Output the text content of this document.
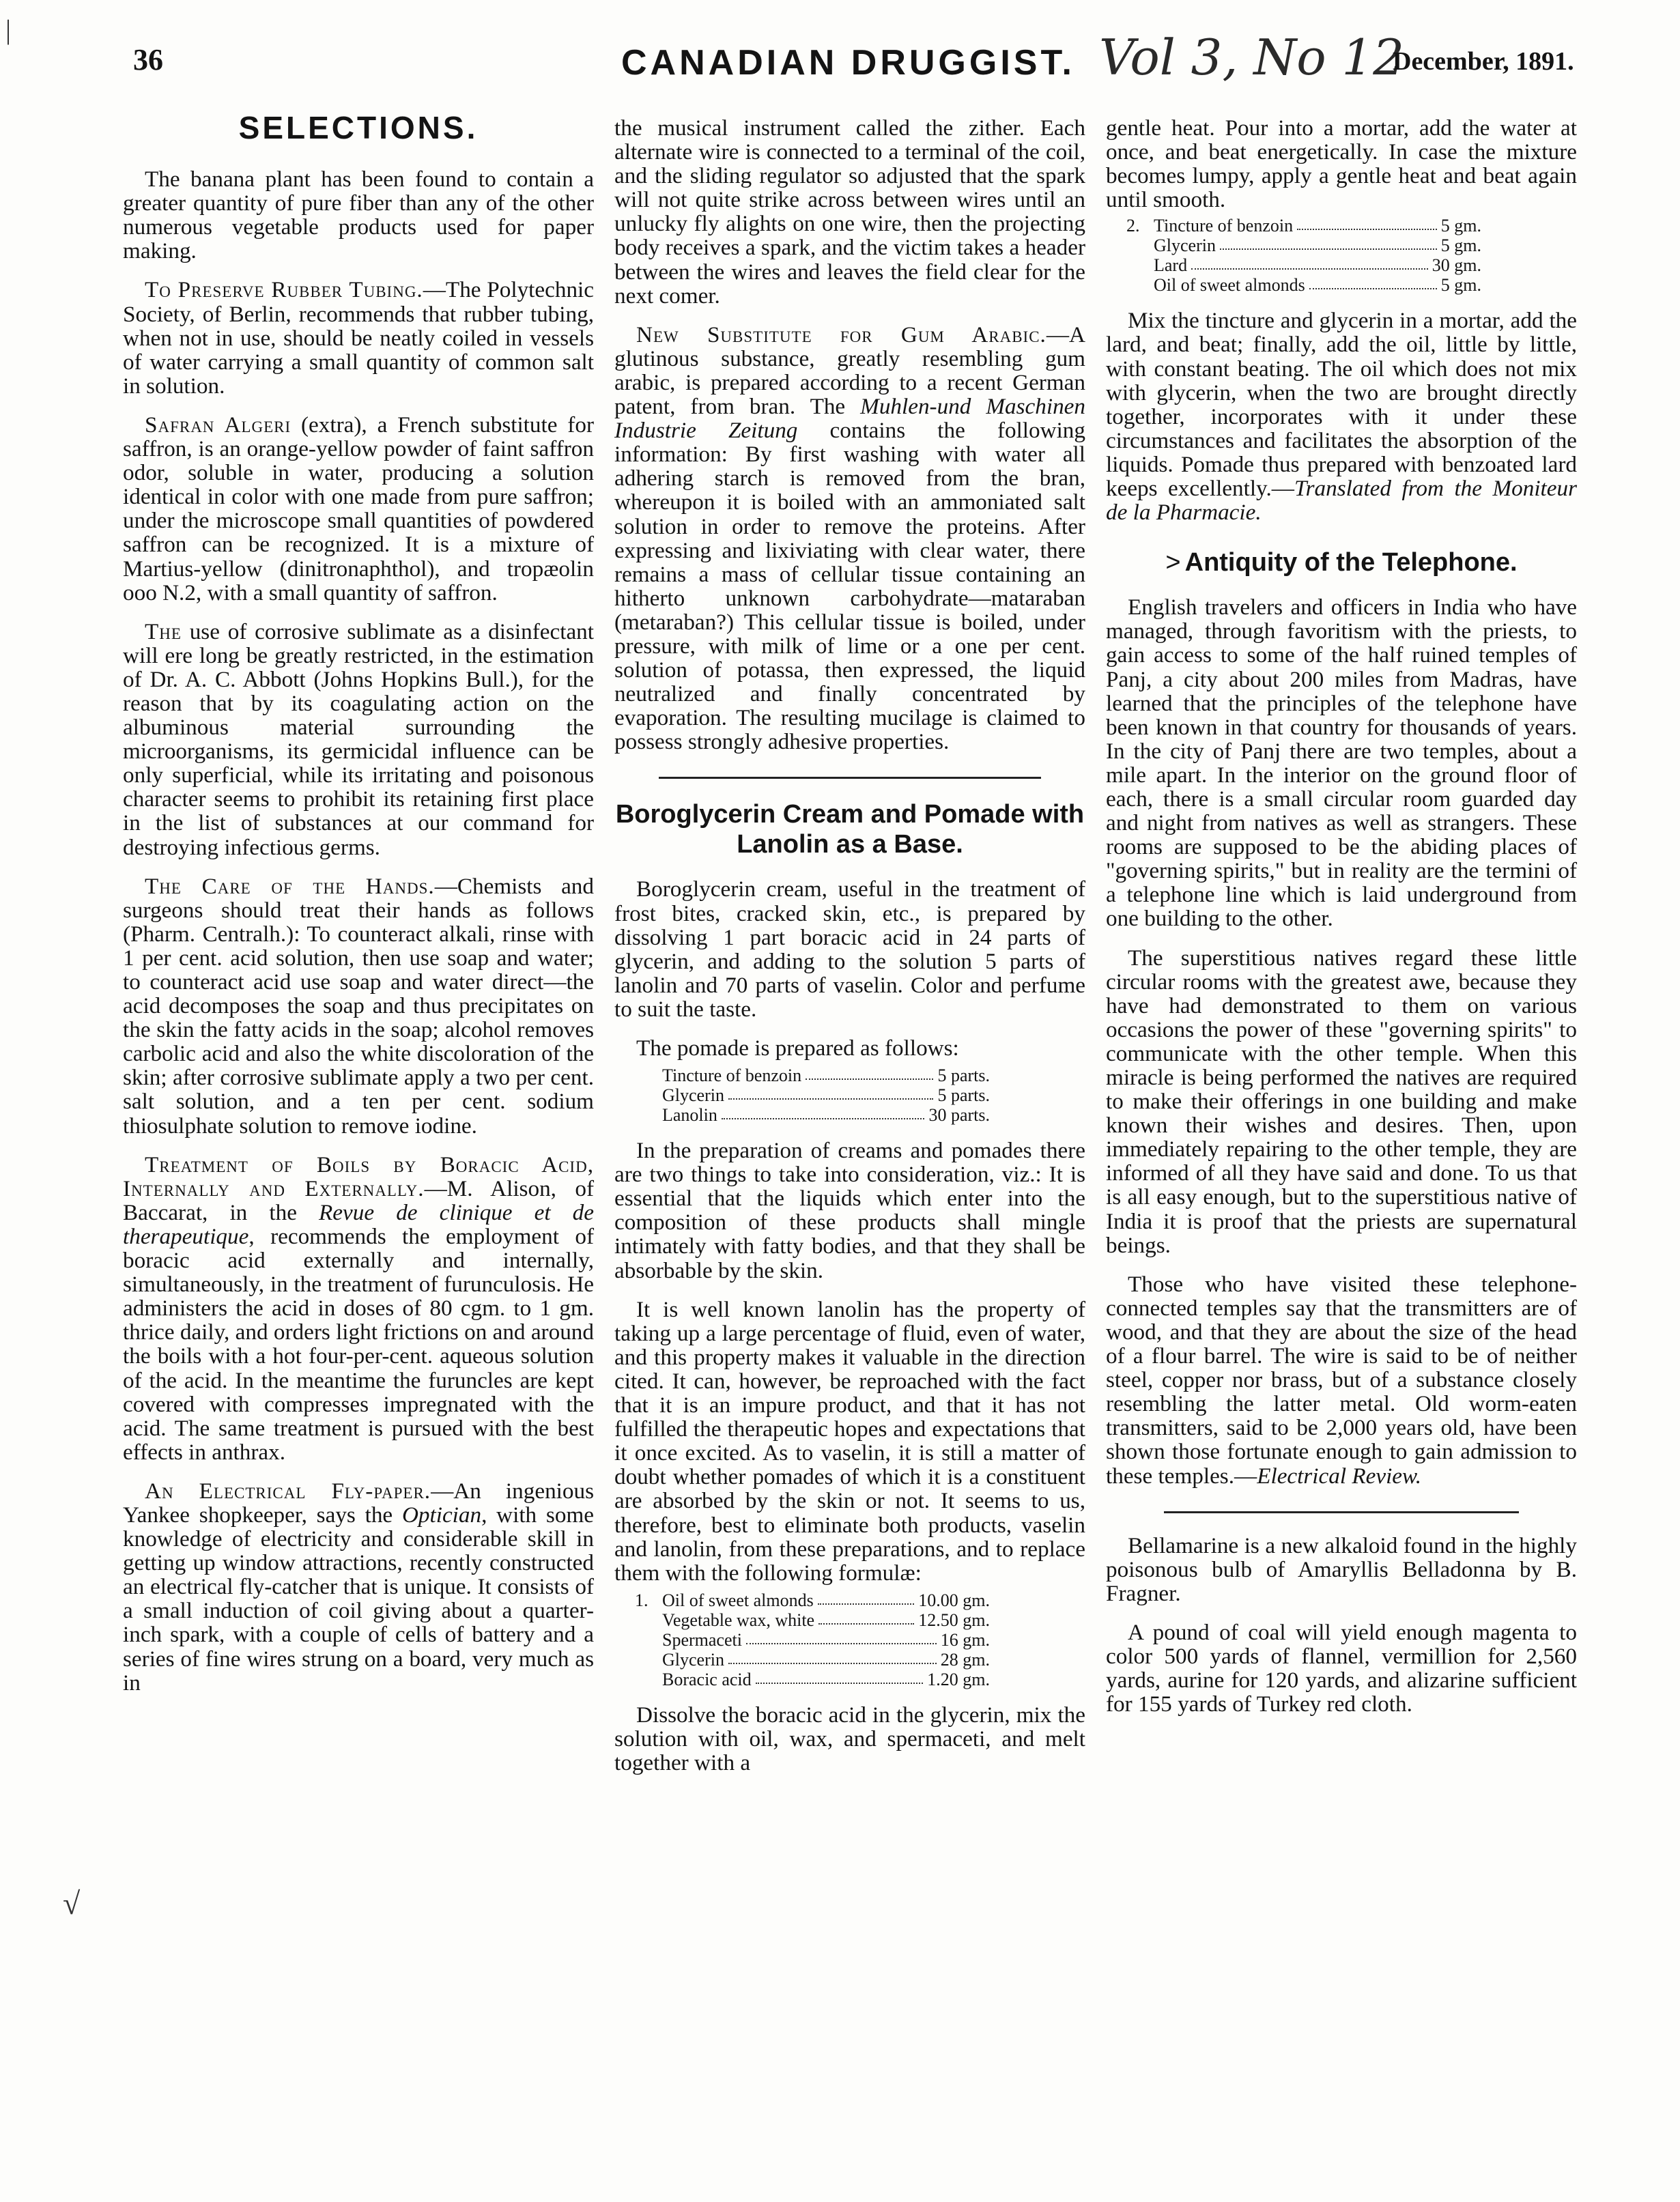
36	CANADIAN DRUGGIST. Vol 3, No 12
December, 1891.
|
√
SELECTIONS.

The banana plant has been found to contain a greater quantity of pure fiber than any of the other numerous vegetable products used for paper making.

To Preserve Rubber Tubing.—The Polytechnic Society, of Berlin, recommends that rubber tubing, when not in use, should be neatly coiled in vessels of water carrying a small quantity of common salt in solution.

Safran Algeri (extra), a French substitute for saffron, is an orange-yellow powder of faint saffron odor, soluble in water, producing a solution identical in color with one made from pure saffron; under the microscope small quantities of powdered saffron can be recognized. It is a mixture of Martius-yellow (dinitronaphthol), and tropæolin ooo N.2, with a small quantity of saffron.

The use of corrosive sublimate as a disinfectant will ere long be greatly restricted, in the estimation of Dr. A. C. Abbott (Johns Hopkins Bull.), for the reason that by its coagulating action on the albuminous material surrounding the microorganisms, its germicidal influence can be only superficial, while its irritating and poisonous character seems to prohibit its retaining first place in the list of substances at our command for destroying infectious germs.

The Care of the Hands.—Chemists and surgeons should treat their hands as follows (Pharm. Centralh.): To counteract alkali, rinse with 1 per cent. acid solution, then use soap and water; to counteract acid use soap and water direct—the acid decomposes the soap and thus precipitates on the skin the fatty acids in the soap; alcohol removes carbolic acid and also the white discoloration of the skin; after corrosive sublimate apply a two per cent. salt solution, and a ten per cent. sodium thiosulphate solution to remove iodine.

Treatment of Boils by Boracic Acid, Internally and Externally.—M. Alison, of Baccarat, in the Revue de clinique et de therapeutique, recommends the employment of boracic acid externally and internally, simultaneously, in the treatment of furunculosis. He administers the acid in doses of 80 cgm. to 1 gm. thrice daily, and orders light frictions on and around the boils with a hot four-per-cent. aqueous solution of the acid. In the meantime the furuncles are kept covered with compresses impregnated with the acid. The same treatment is pursued with the best effects in anthrax.

An Electrical Fly-paper.—An ingenious Yankee shopkeeper, says the Optician, with some knowledge of electricity and considerable skill in getting up window attractions, recently constructed an electrical fly-catcher that is unique. It consists of a small induction of coil giving about a quarter-inch spark, with a couple of cells of battery and a series of fine wires strung on a board, very much as in

the musical instrument called the zither. Each alternate wire is connected to a terminal of the coil, and the sliding regulator so adjusted that the spark will not quite strike across between wires until an unlucky fly alights on one wire, then the projecting body receives a spark, and the victim takes a header between the wires and leaves the field clear for the next comer.

New Substitute for Gum Arabic.—A glutinous substance, greatly resembling gum arabic, is prepared according to a recent German patent, from bran. The Muhlen-und Maschinen Industrie Zeitung contains the following information: By first washing with water all adhering starch is removed from the bran, whereupon it is boiled with an ammoniated salt solution in order to remove the proteins. After expressing and lixiviating with clear water, there remains a mass of cellular tissue containing an hitherto unknown carbohydrate—mataraban (metaraban?) This cellular tissue is boiled, under pressure, with milk of lime or a one per cent. solution of potassa, then expressed, the liquid neutralized and finally concentrated by evaporation. The resulting mucilage is claimed to possess strongly adhesive properties.

Boroglycerin Cream and Pomade with Lanolin as a Base.

Boroglycerin cream, useful in the treatment of frost bites, cracked skin, etc., is prepared by dissolving 1 part boracic acid in 24 parts of glycerin, and adding to the solution 5 parts of lanolin and 70 parts of vaselin. Color and perfume to suit the taste.

The pomade is prepared as follows:

Tincture of benzoin	5 parts.
Glycerin	5 parts.
Lanolin	30 parts.

In the preparation of creams and pomades there are two things to take into consideration, viz.: It is essential that the liquids which enter into the composition of these products shall mingle intimately with fatty bodies, and that they shall be absorbable by the skin.

It is well known lanolin has the property of taking up a large percentage of fluid, even of water, and this property makes it valuable in the direction cited. It can, however, be reproached with the fact that it is an impure product, and that it has not fulfilled the therapeutic hopes and expectations that it once excited. As to vaselin, it is still a matter of doubt whether pomades of which it is a constituent are absorbed by the skin or not. It seems to us, therefore, best to eliminate both products, vaselin and lanolin, from these preparations, and to replace them with the following formulæ:

1. Oil of sweet almonds	10.00 gm.
Vegetable wax, white	12.50 gm.
Spermaceti	16 gm.
Glycerin	28 gm.
Boracic acid	1.20 gm.

Dissolve the boracic acid in the glycerin, mix the solution with oil, wax, and spermaceti, and melt together with a

gentle heat. Pour into a mortar, add the water at once, and beat energetically. In case the mixture becomes lumpy, apply a gentle heat and beat again until smooth.

2. Tincture of benzoin	5 gm.
Glycerin	5 gm.
Lard	30 gm.
Oil of sweet almonds	5 gm.

Mix the tincture and glycerin in a mortar, add the lard, and beat; finally, add the oil, little by little, with constant beating. The oil which does not mix with glycerin, when the two are brought directly together, incorporates with it under these circumstances and facilitates the absorption of the liquids. Pomade thus prepared with benzoated lard keeps excellently.—Translated from the Moniteur de la Pharmacie.

> Antiquity of the Telephone.

English travelers and officers in India who have managed, through favoritism with the priests, to gain access to some of the half ruined temples of Panj, a city about 200 miles from Madras, have learned that the principles of the telephone have been known in that country for thousands of years. In the city of Panj there are two temples, about a mile apart. In the interior on the ground floor of each, there is a small circular room guarded day and night from natives as well as strangers. These rooms are supposed to be the abiding places of "governing spirits," but in reality are the termini of a telephone line which is laid underground from one building to the other.

The superstitious natives regard these little circular rooms with the greatest awe, because they have had demonstrated to them on various occasions the power of these "governing spirits" to communicate with the other temple. When this miracle is being performed the natives are required to make their offerings in one building and make known their wishes and desires. Then, upon immediately repairing to the other temple, they are informed of all they have said and done. To us that is all easy enough, but to the superstitious native of India it is proof that the priests are supernatural beings.

Those who have visited these telephone-connected temples say that the transmitters are of wood, and that they are about the size of the head of a flour barrel. The wire is said to be of neither steel, copper nor brass, but of a substance closely resembling the latter metal. Old worm-eaten transmitters, said to be 2,000 years old, have been shown those fortunate enough to gain admission to these temples.—Electrical Review.

Bellamarine is a new alkaloid found in the highly poisonous bulb of Amaryllis Belladonna by B. Fragner.

A pound of coal will yield enough magenta to color 500 yards of flannel, vermillion for 2,560 yards, aurine for 120 yards, and alizarine sufficient for 155 yards of Turkey red cloth.
